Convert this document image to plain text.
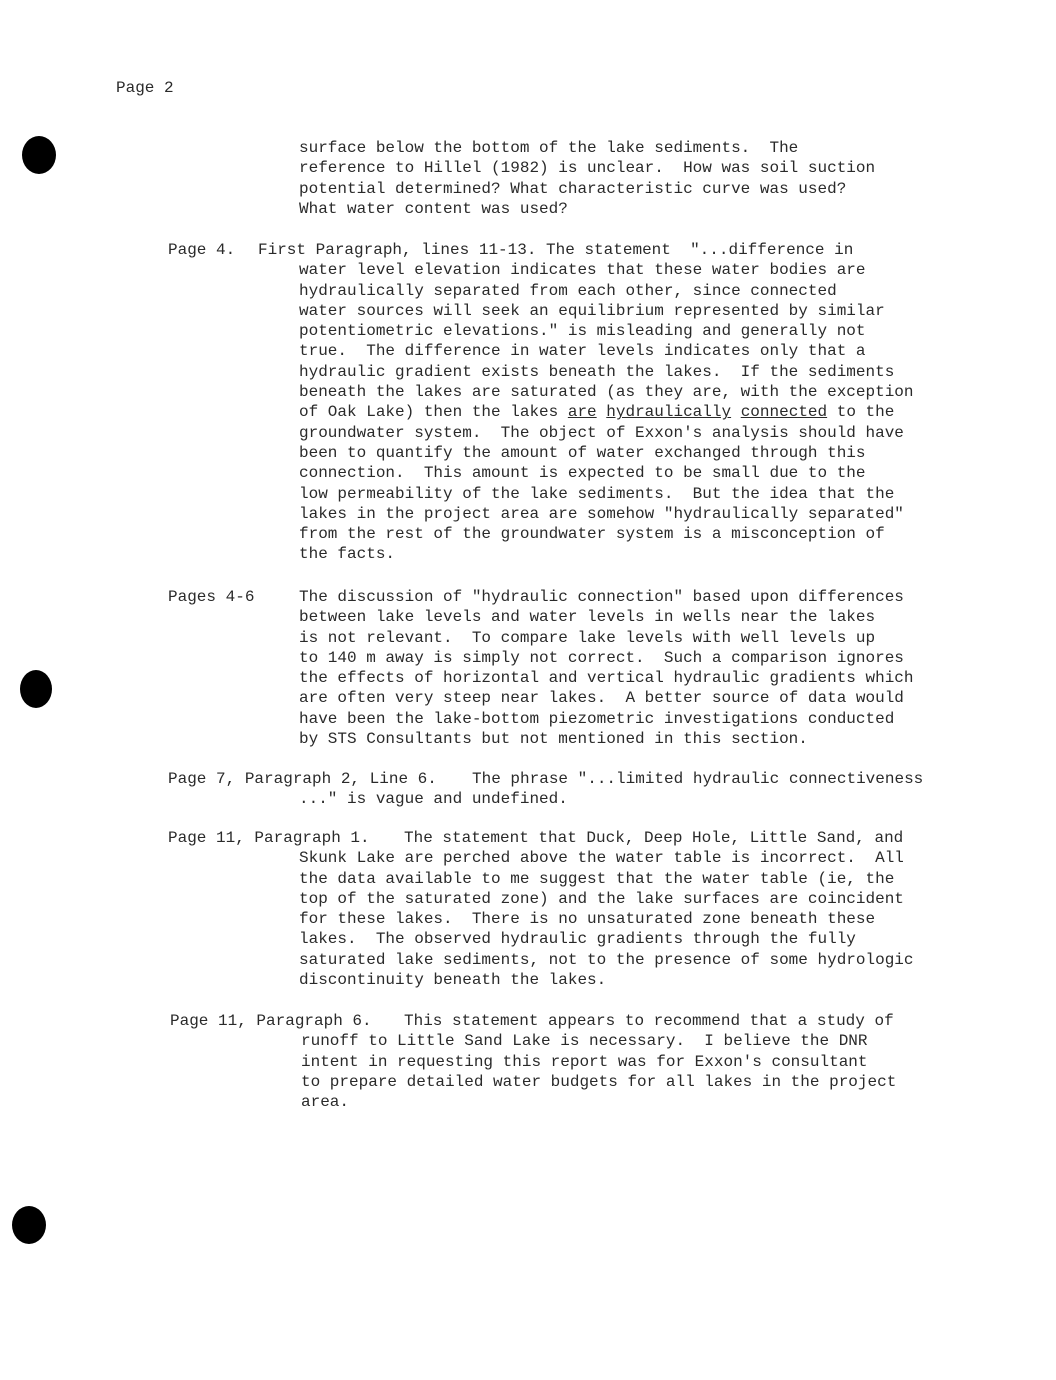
Page 2
surface below the bottom of the lake sediments.  The
reference to Hillel (1982) is unclear.  How was soil suction
potential determined? What characteristic curve was used?
What water content was used?
Page 4. First Paragraph, lines 11-13. The statement  "...difference in
water level elevation indicates that these water bodies are
hydraulically separated from each other, since connected
water sources will seek an equilibrium represented by similar
potentiometric elevations." is misleading and generally not
true.  The difference in water levels indicates only that a
hydraulic gradient exists beneath the lakes.  If the sediments
beneath the lakes are saturated (as they are, with the exception
of Oak Lake) then the lakes are hydraulically connected to the
groundwater system.  The object of Exxon's analysis should have
been to quantify the amount of water exchanged through this
connection.  This amount is expected to be small due to the
low permeability of the lake sediments.  But the idea that the
lakes in the project area are somehow "hydraulically separated"
from the rest of the groundwater system is a misconception of
the facts.
Pages 4-6	The discussion of "hydraulic connection" based upon differences
between lake levels and water levels in wells near the lakes
is not relevant.  To compare lake levels with well levels up
to 140 m away is simply not correct.  Such a comparison ignores
the effects of horizontal and vertical hydraulic gradients which
are often very steep near lakes.  A better source of data would
have been the lake-bottom piezometric investigations conducted
by STS Consultants but not mentioned in this section.
Page 7, Paragraph 2, Line 6. The phrase "...limited hydraulic connectiveness
..." is vague and undefined.
Page 11, Paragraph 1. The statement that Duck, Deep Hole, Little Sand, and
Skunk Lake are perched above the water table is incorrect.  All
the data available to me suggest that the water table (ie, the
top of the saturated zone) and the lake surfaces are coincident
for these lakes.  There is no unsaturated zone beneath these
lakes.  The observed hydraulic gradients through the fully
saturated lake sediments, not to the presence of some hydrologic
discontinuity beneath the lakes.
Page 11, Paragraph 6. This statement appears to recommend that a study of
runoff to Little Sand Lake is necessary.  I believe the DNR
intent in requesting this report was for Exxon's consultant
to prepare detailed water budgets for all lakes in the project
area.
